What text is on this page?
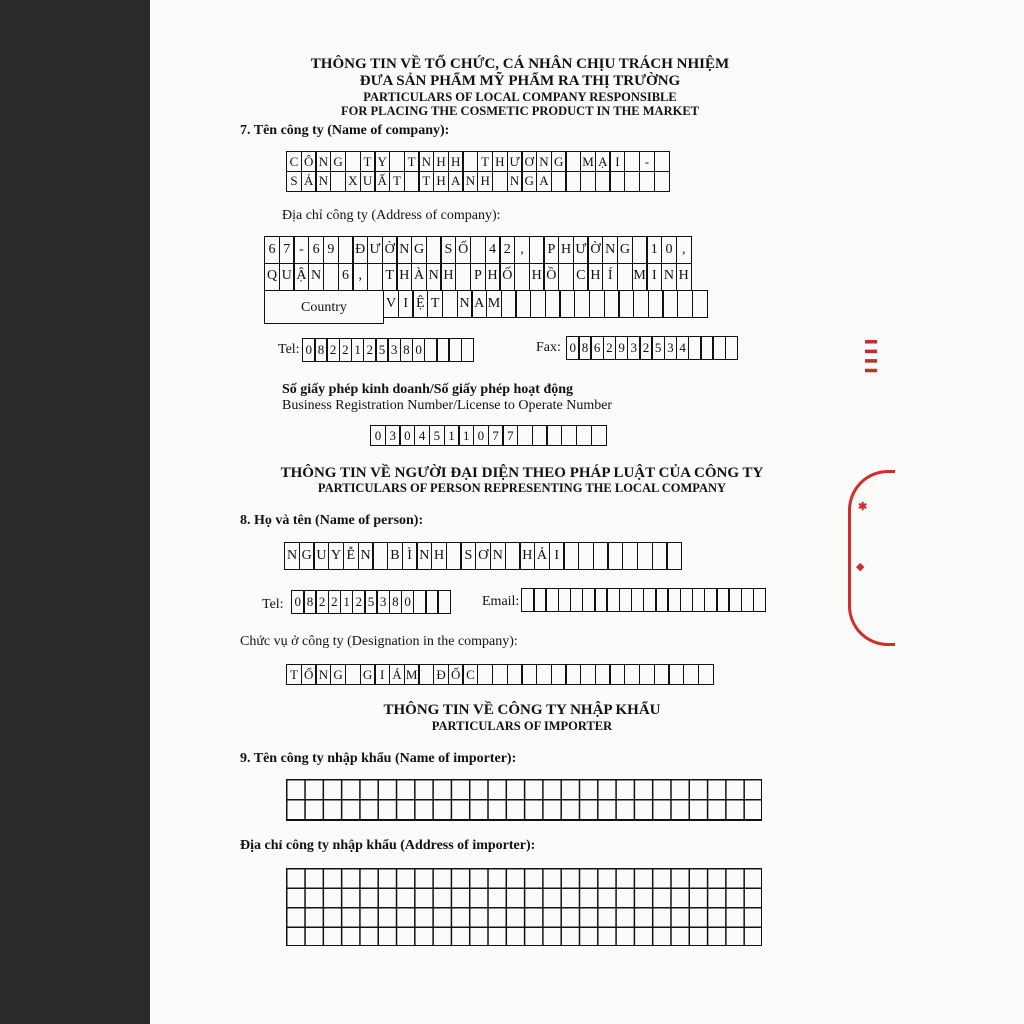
THÔNG TIN VỀ TỔ CHỨC, CÁ NHÂN CHỊU TRÁCH NHIỆM
ĐƯA SẢN PHẨM MỸ PHẨM RA THỊ TRƯỜNG
PARTICULARS OF LOCAL COMPANY RESPONSIBLE
FOR PLACING THE COSMETIC PRODUCT IN THE MARKET
7. Tên công ty (Name of company):
C Ô N G	T Y	T N H H	T H Ư Ơ N G M Ạ I	-
S Ả N X U Ấ T	T H A N H N G A
Địa chỉ công ty (Address of company):
6 7 - 6 9	Đ Ư Ờ N G S Ố	4 2 ,	P H Ư Ờ N G	1 0 ,
Q U Ậ N	6 ,	T H À N H P H Ố H Ồ C H Í	M I N H
Country	V I Ệ T N A M
Tel: 0 8 2 2 1 2 5 3 8 0	Fax: 0 8 6 2 9 3 2 5 3 4
Số giấy phép kinh doanh/Số giấy phép hoạt động
Business Registration Number/License to Operate Number
0 3 0 4 5 1 1 0 7 7
THÔNG TIN VỀ NGƯỜI ĐẠI DIỆN THEO PHÁP LUẬT CỦA CÔNG TY
PARTICULARS OF PERSON REPRESENTING THE LOCAL COMPANY
8. Họ và tên (Name of person):
N G U Y Ễ N B Ì N H S Ơ N H Ả I
Tel: 0 8 2 2 1 2 5 3 8 0	Email:
Chức vụ ở công ty (Designation in the company):
T Ổ N G G I Á M Đ Ố C
THÔNG TIN VỀ CÔNG TY NHẬP KHẨU
PARTICULARS OF IMPORTER
9. Tên công ty nhập khẩu (Name of importer):
Địa chỉ công ty nhập khẩu (Address of importer):
✱
◆
▌ ▌ ▌ ▌
